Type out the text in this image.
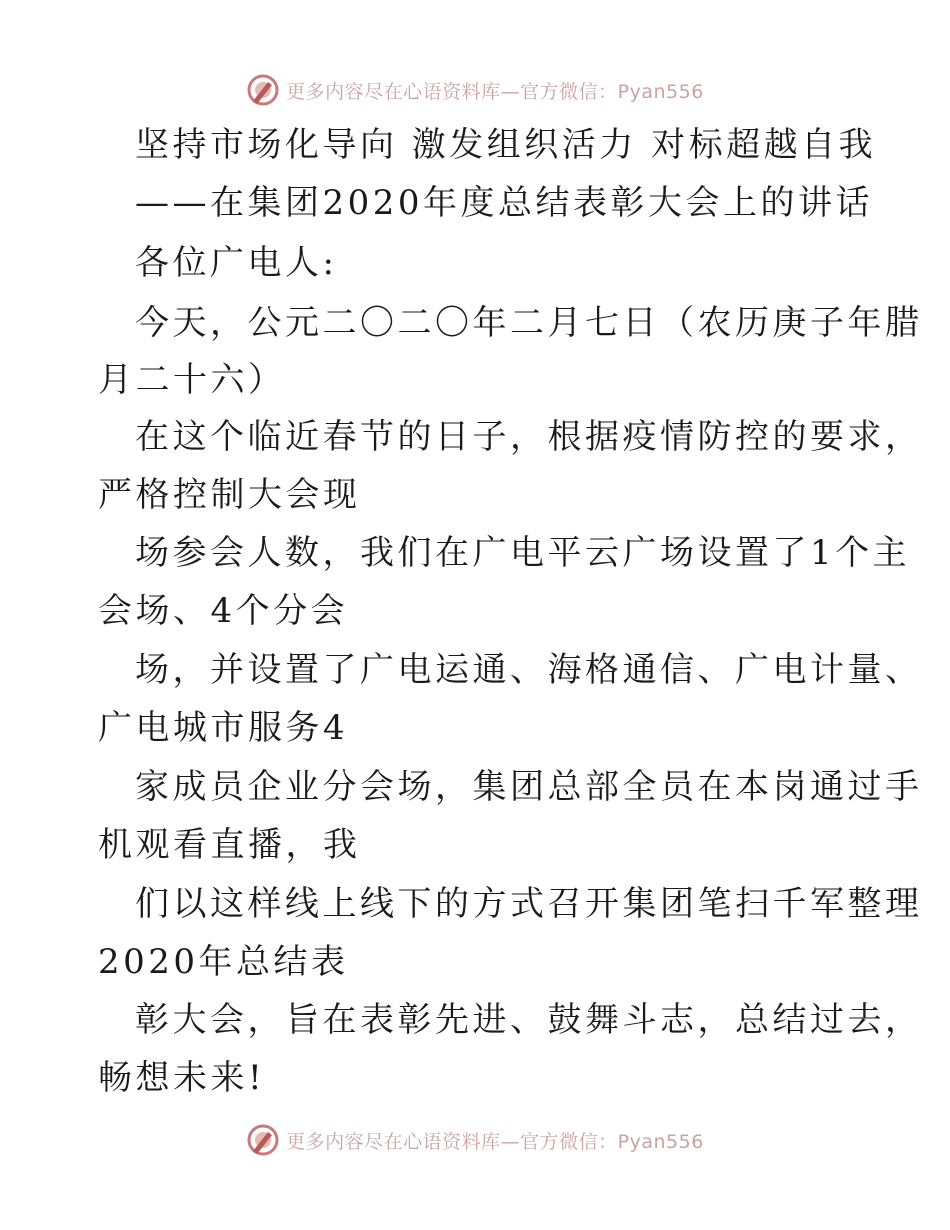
更多内容尽在心语资料库—官方微信：Pyan556
坚持市场化导向 激发组织活力 对标超越自我
——在集团2020年度总结表彰大会上的讲话
各位广电人:
今天，公元二〇二〇年二月七日（农历庚子年腊
月二十六）
在这个临近春节的日子，根据疫情防控的要求，
严格控制大会现
场参会人数，我们在广电平云广场设置了1个主
会场、4个分会
场，并设置了广电运通、海格通信、广电计量、
广电城市服务4
家成员企业分会场，集团总部全员在本岗通过手
机观看直播，我
们以这样线上线下的方式召开集团笔扫千军整理
2020年总结表
彰大会，旨在表彰先进、鼓舞斗志，总结过去，
畅想未来!
更多内容尽在心语资料库—官方微信：Pyan556
